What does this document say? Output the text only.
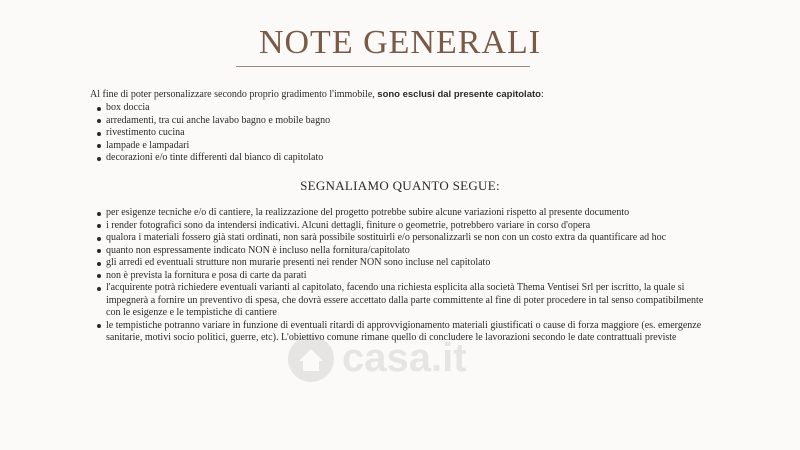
NOTE GENERALI
Al fine di poter personalizzare secondo proprio gradimento l'immobile, sono esclusi dal presente capitolato:
box doccia
arredamenti, tra cui anche lavabo bagno e mobile bagno
rivestimento cucina
lampade e lampadari
decorazioni e/o tinte differenti dal bianco di capitolato
SEGNALIAMO QUANTO SEGUE:
per esigenze tecniche e/o di cantiere, la realizzazione del progetto potrebbe subire alcune variazioni rispetto al presente documento
i render fotografici sono da intendersi indicativi. Alcuni dettagli, finiture o geometrie, potrebbero variare in corso d'opera
qualora i materiali fossero già stati ordinati, non sarà possibile sostituirli e/o personalizzarli se non con un costo extra da quantificare ad hoc
quanto non espressamente indicato NON è incluso nella fornitura/capitolato
gli arredi ed eventuali strutture non murarie presenti nei render NON sono incluse nel capitolato
non è prevista la fornitura e posa di carte da parati
l'acquirente potrà richiedere eventuali varianti al capitolato, facendo una richiesta esplicita alla società Thema Ventisei Srl per iscritto, la quale si impegnerà a fornire un preventivo di spesa, che dovrà essere accettato dalla parte committente al fine di poter procedere in tal senso compatibilmente con le esigenze e le tempistiche di cantiere
le tempistiche potranno variare in funzione di eventuali ritardi di approvvigionamento materiali giustificati o cause di forza maggiore (es. emergenze sanitarie, motivi socio politici, guerre, etc). L'obiettivo comune rimane quello di concludere le lavorazioni secondo le date contrattuali previste
casa.it
